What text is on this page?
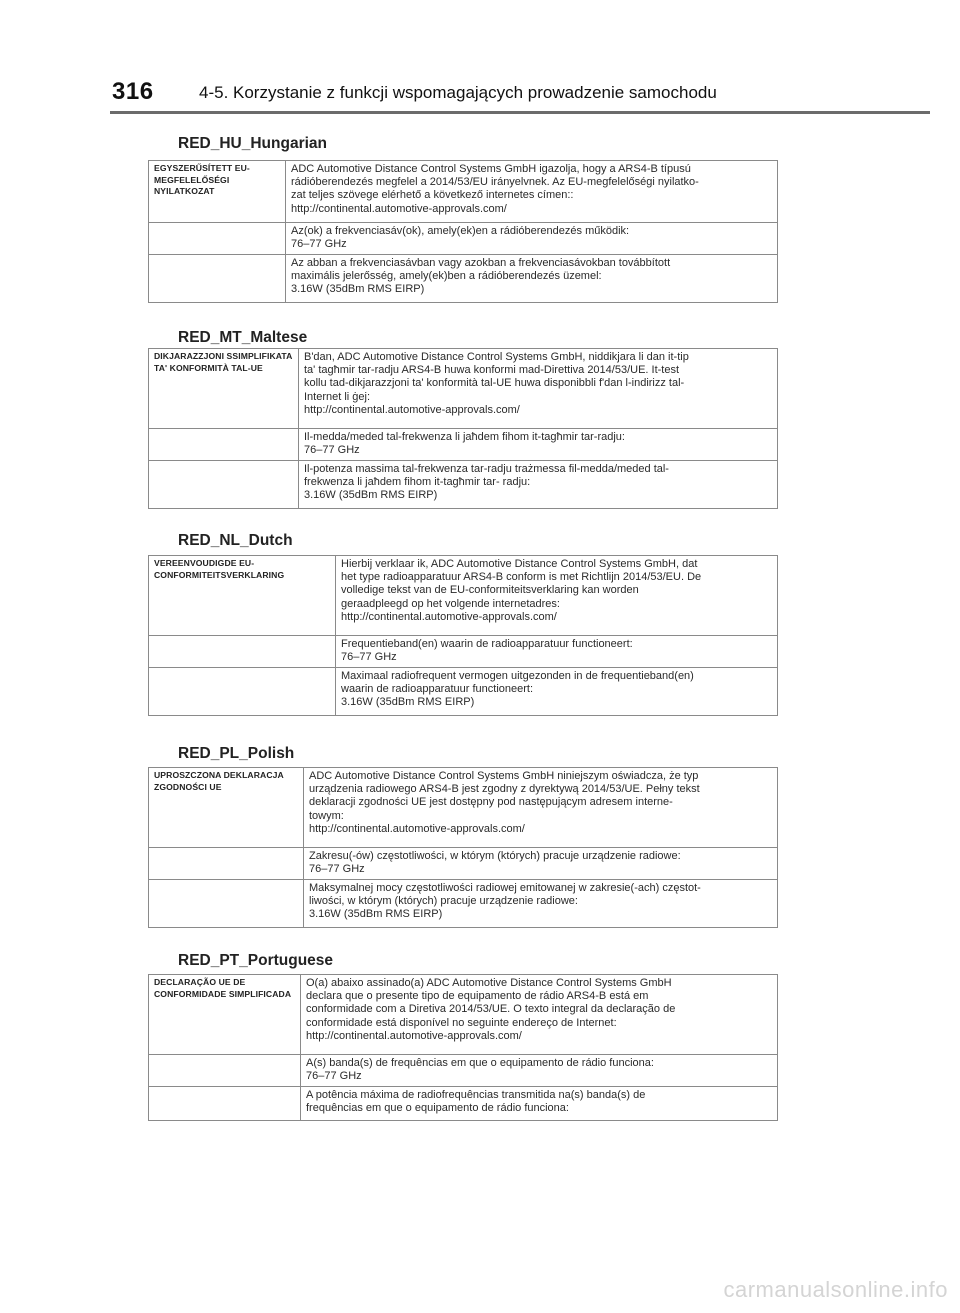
316	4-5. Korzystanie z funkcji wspomagających prowadzenie samochodu
RED_HU_Hungarian
EGYSZERŰSÍTETT EU-MEGFELELŐSÉGI NYILATKOZAT	ADC Automotive Distance Control Systems GmbH igazolja, hogy a ARS4-B típusú
rádióberendezés megfelel a 2014/53/EU irányelvnek. Az EU-megfelelőségi nyilatko-
zat teljes szövege elérhető a következő internetes címen::
http://continental.automotive-approvals.com/
	Az(ok) a frekvenciasáv(ok), amely(ek)en a rádióberendezés működik:
76–77 GHz
	Az abban a frekvenciasávban vagy azokban a frekvenciasávokban továbbított
maximális jelerősség, amely(ek)ben a rádióberendezés üzemel:
3.16W (35dBm RMS EIRP)
RED_MT_Maltese
DIKJARAZZJONI SSIMPLIFIKATA TA' KONFORMITÀ TAL-UE	B'dan, ADC Automotive Distance Control Systems GmbH, niddikjara li dan it-tip
ta' tagħmir tar-radju ARS4-B huwa konformi mad-Direttiva 2014/53/UE. It-test
kollu tad-dikjarazzjoni ta' konformità tal-UE huwa disponibbli f'dan l-indirizz tal-
Internet li ġej:
http://continental.automotive-approvals.com/
	Il-medda/meded tal-frekwenza li jaħdem fihom it-tagħmir tar-radju:
76–77 GHz
	Il-potenza massima tal-frekwenza tar-radju trażmessa fil-medda/meded tal-
frekwenza li jaħdem fihom it-tagħmir tar- radju:
3.16W (35dBm RMS EIRP)
RED_NL_Dutch
VEREENVOUDIGDE EU-CONFORMITEITSVERKLARING	Hierbij verklaar ik, ADC Automotive Distance Control Systems GmbH, dat
het type radioapparatuur ARS4-B conform is met Richtlijn 2014/53/EU. De
volledige tekst van de EU-conformiteitsverklaring kan worden
geraadpleegd op het volgende internetadres:
http://continental.automotive-approvals.com/
	Frequentieband(en) waarin de radioapparatuur functioneert:
76–77 GHz
	Maximaal radiofrequent vermogen uitgezonden in de frequentieband(en)
waarin de radioapparatuur functioneert:
3.16W (35dBm RMS EIRP)
RED_PL_Polish
UPROSZCZONA DEKLARACJA ZGODNOŚCI UE	ADC Automotive Distance Control Systems GmbH niniejszym oświadcza, że typ
urządzenia radiowego ARS4-B jest zgodny z dyrektywą 2014/53/UE. Pełny tekst
deklaracji zgodności UE jest dostępny pod następującym adresem interne-
towym:
http://continental.automotive-approvals.com/
	Zakresu(-ów) częstotliwości, w którym (których) pracuje urządzenie radiowe:
76–77 GHz
	Maksymalnej mocy częstotliwości radiowej emitowanej w zakresie(-ach) częstot-
liwości, w którym (których) pracuje urządzenie radiowe:
3.16W (35dBm RMS EIRP)
RED_PT_Portuguese
DECLARAÇÃO UE DE CONFORMIDADE SIMPLIFICADA	O(a) abaixo assinado(a) ADC Automotive Distance Control Systems GmbH
declara que o presente tipo de equipamento de rádio ARS4-B está em
conformidade com a Diretiva 2014/53/UE. O texto integral da declaração de
conformidade está disponível no seguinte endereço de Internet:
http://continental.automotive-approvals.com/
	A(s) banda(s) de frequências em que o equipamento de rádio funciona:
76–77 GHz
	A potência máxima de radiofrequências transmitida na(s) banda(s) de
frequências em que o equipamento de rádio funciona:
carmanualsonline.info
